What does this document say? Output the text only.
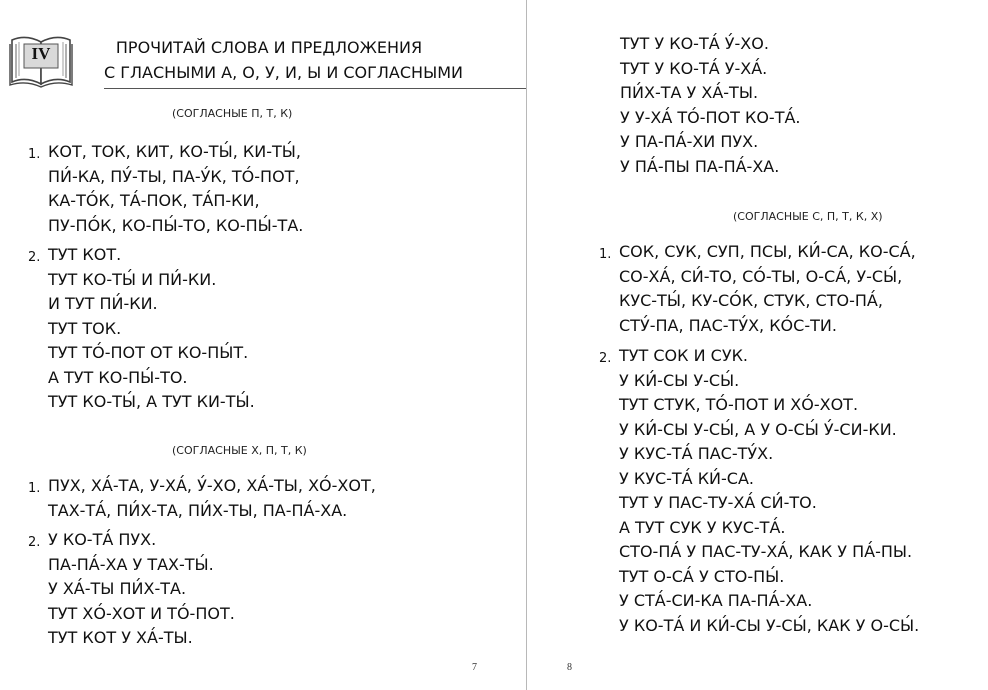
IV	ПРОЧИТАЙ СЛОВА И ПРЕДЛОЖЕНИЯ
С ГЛАСНЫМИ А, О, У, И, Ы И СОГЛАСНЫМИ
(СОГЛАСНЫЕ П, Т, К)
1. КОТ, ТОК, КИТ, КО-ТЫ́, КИ-ТЫ́,
ПИ́-КА, ПУ́-ТЫ, ПА-У́К, ТО́-ПОТ,
КА-ТО́К, ТА́-ПОК, ТА́П-КИ,
ПУ-ПО́К, КО-ПЫ́-ТО, КО-ПЫ́-ТА.
2. ТУТ КОТ.
ТУТ КО-ТЫ́ И ПИ́-КИ.
И ТУТ ПИ́-КИ.
ТУТ ТОК.
ТУТ ТО́-ПОТ ОТ КО-ПЫ́Т.
А ТУТ КО-ПЫ́-ТО.
ТУТ КО-ТЫ́, А ТУТ КИ-ТЫ́.
(СОГЛАСНЫЕ Х, П, Т, К)
1. ПУХ, ХА́-ТА, У-ХА́, У́-ХО, ХА́-ТЫ, ХО́-ХОТ,
ТАХ-ТА́, ПИ́Х-ТА, ПИ́Х-ТЫ, ПА-ПА́-ХА.
2. У КО-ТА́ ПУХ.
ПА-ПА́-ХА У ТАХ-ТЫ́.
У ХА́-ТЫ ПИ́Х-ТА.
ТУТ ХО́-ХОТ И ТО́-ПОТ.
ТУТ КОТ У ХА́-ТЫ.
7
ТУТ У КО-ТА́ У́-ХО.
ТУТ У КО-ТА́ У-ХА́.
ПИ́Х-ТА У ХА́-ТЫ.
У У-ХА́ ТО́-ПОТ КО-ТА́.
У ПА-ПА́-ХИ ПУХ.
У ПА́-ПЫ ПА-ПА́-ХА.
(СОГЛАСНЫЕ С, П, Т, К, Х)
1. СОК, СУК, СУП, ПСЫ, КИ́-СА, КО-СА́,
СО-ХА́, СИ́-ТО, СО́-ТЫ, О-СА́, У-СЫ́,
КУС-ТЫ́, КУ-СО́К, СТУК, СТО-ПА́,
СТУ́-ПА, ПАС-ТУ́Х, КО́С-ТИ.
2. ТУТ СОК И СУК.
У КИ́-СЫ У-СЫ́.
ТУТ СТУК, ТО́-ПОТ И ХО́-ХОТ.
У КИ́-СЫ У-СЫ́, А У О-СЫ́ У́-СИ-КИ.
У КУС-ТА́ ПАС-ТУ́Х.
У КУС-ТА́ КИ́-СА.
ТУТ У ПАС-ТУ-ХА́ СИ́-ТО.
А ТУТ СУК У КУС-ТА́.
СТО-ПА́ У ПАС-ТУ-ХА́, КАК У ПА́-ПЫ.
ТУТ О-СА́ У СТО-ПЫ́.
У СТА́-СИ-КА ПА-ПА́-ХА.
У КО-ТА́ И КИ́-СЫ У-СЫ́, КАК У О-СЫ́.
8
